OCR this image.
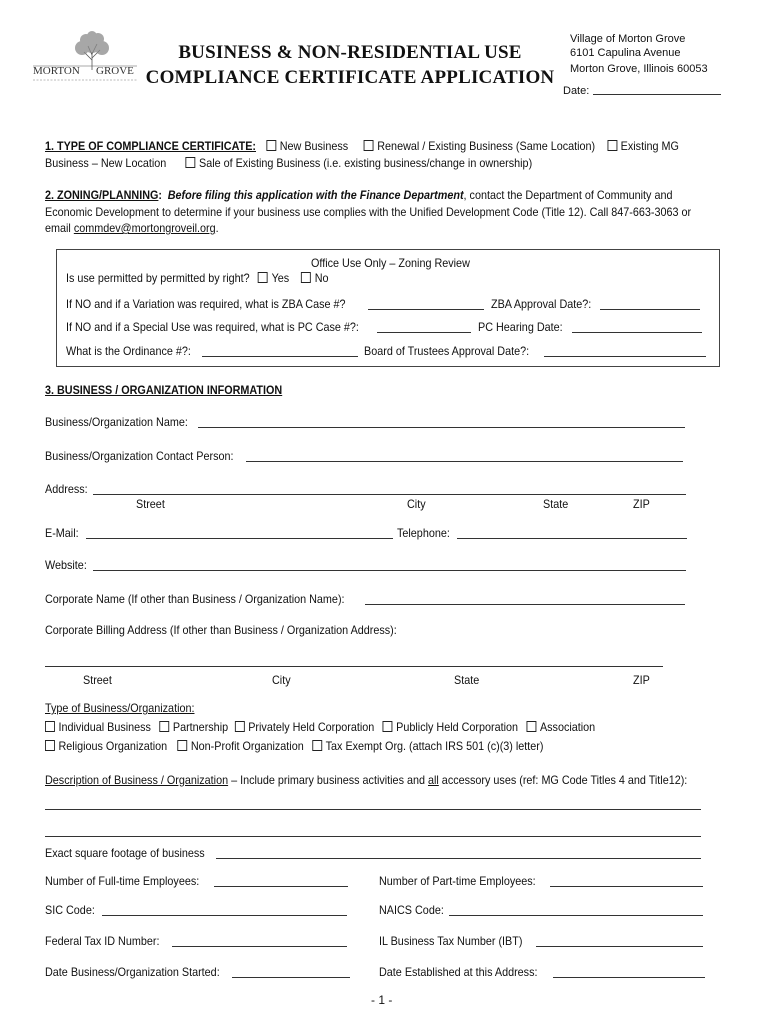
MORTON GROVE
BUSINESS & NON-RESIDENTIAL USE
COMPLIANCE CERTIFICATE APPLICATION
Village of Morton Grove
6101 Capulina Avenue
Morton Grove, Illinois 60053
Date:
1. TYPE OF COMPLIANCE CERTIFICATE: New Business Renewal / Existing Business (Same Location) Existing MG
Business – New Location	Sale of Existing Business (i.e. existing business/change in ownership)
2. ZONING/PLANNING: Before filing this application with the Finance Department, contact the Department of Community and
Economic Development to determine if your business use complies with the Unified Development Code (Title 12). Call 847-663-3063 or
email commdev@mortongroveil.org.
Office Use Only – Zoning Review
Is use permitted by permitted by right? Yes No
If NO and if a Variation was required, what is ZBA Case #?	ZBA Approval Date?:
If NO and if a Special Use was required, what is PC Case #?:	PC Hearing Date:
What is the Ordinance #?:	Board of Trustees Approval Date?:
3. BUSINESS / ORGANIZATION INFORMATION
Business/Organization Name:
Business/Organization Contact Person:
Address:
Street	City	State	ZIP
E-Mail:	Telephone:
Website:
Corporate Name (If other than Business / Organization Name):
Corporate Billing Address (If other than Business / Organization Address):
Street	City	State	ZIP
Type of Business/Organization:
Individual Business Partnership Privately Held Corporation Publicly Held Corporation Association
Religious Organization Non-Profit Organization Tax Exempt Org. (attach IRS 501 (c)(3) letter)
Description of Business / Organization – Include primary business activities and all accessory uses (ref: MG Code Titles 4 and Title12):
Exact square footage of business
Number of Full-time Employees:	Number of Part-time Employees:
SIC Code:	NAICS Code:
Federal Tax ID Number:	IL Business Tax Number (IBT)
Date Business/Organization Started:	Date Established at this Address:
- 1 -
